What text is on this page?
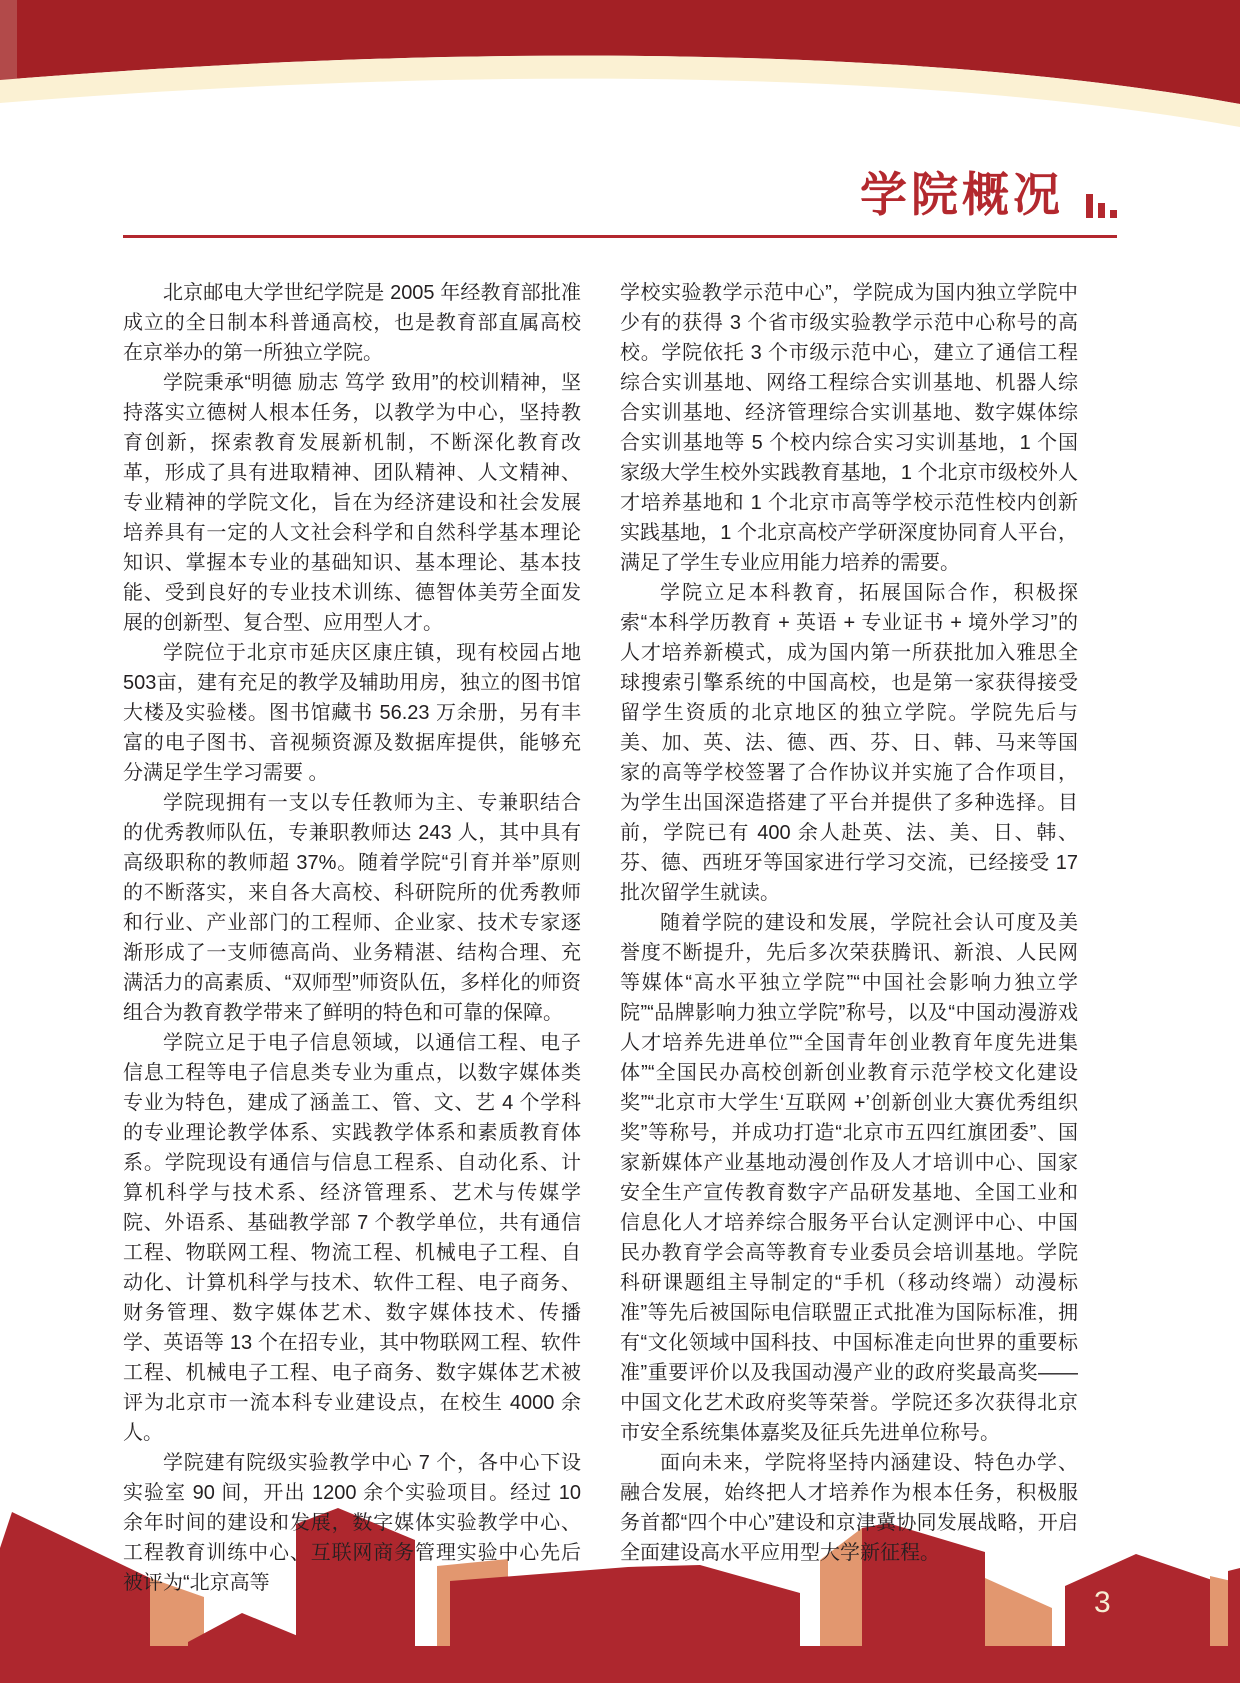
学院概况

北京邮电大学世纪学院是 2005 年经教育部批准成立的全日制本科普通高校，也是教育部直属高校在京举办的第一所独立学院。

学院秉承“明德 励志 笃学 致用”的校训精神，坚持落实立德树人根本任务，以教学为中心，坚持教育创新，探索教育发展新机制，不断深化教育改革，形成了具有进取精神、团队精神、人文精神、专业精神的学院文化，旨在为经济建设和社会发展培养具有一定的人文社会科学和自然科学基本理论知识、掌握本专业的基础知识、基本理论、基本技能、受到良好的专业技术训练、德智体美劳全面发展的创新型、复合型、应用型人才。

学院位于北京市延庆区康庄镇，现有校园占地503亩，建有充足的教学及辅助用房，独立的图书馆大楼及实验楼。图书馆藏书 56.23 万余册，另有丰富的电子图书、音视频资源及数据库提供，能够充分满足学生学习需要 。

学院现拥有一支以专任教师为主、专兼职结合的优秀教师队伍，专兼职教师达 243 人，其中具有高级职称的教师超 37%。随着学院“引育并举”原则的不断落实，来自各大高校、科研院所的优秀教师和行业、产业部门的工程师、企业家、技术专家逐渐形成了一支师德高尚、业务精湛、结构合理、充满活力的高素质、“双师型”师资队伍，多样化的师资组合为教育教学带来了鲜明的特色和可靠的保障。

学院立足于电子信息领域，以通信工程、电子信息工程等电子信息类专业为重点，以数字媒体类专业为特色，建成了涵盖工、管、文、艺 4 个学科的专业理论教学体系、实践教学体系和素质教育体系。学院现设有通信与信息工程系、自动化系、计算机科学与技术系、经济管理系、艺术与传媒学院、外语系、基础教学部 7 个教学单位，共有通信工程、物联网工程、物流工程、机械电子工程、自动化、计算机科学与技术、软件工程、电子商务、财务管理、数字媒体艺术、数字媒体技术、传播学、英语等 13 个在招专业，其中物联网工程、软件工程、机械电子工程、电子商务、数字媒体艺术被评为北京市一流本科专业建设点，在校生 4000 余人。

学院建有院级实验教学中心 7 个，各中心下设实验室 90 间，开出 1200 余个实验项目。经过 10 余年时间的建设和发展，数字媒体实验教学中心、工程教育训练中心、互联网商务管理实验中心先后被评为“北京高等

学校实验教学示范中心”，学院成为国内独立学院中少有的获得 3 个省市级实验教学示范中心称号的高校。学院依托 3 个市级示范中心，建立了通信工程综合实训基地、网络工程综合实训基地、机器人综合实训基地、经济管理综合实训基地、数字媒体综合实训基地等 5 个校内综合实习实训基地，1 个国家级大学生校外实践教育基地，1 个北京市级校外人才培养基地和 1 个北京市高等学校示范性校内创新实践基地，1 个北京高校产学研深度协同育人平台，满足了学生专业应用能力培养的需要。

学院立足本科教育，拓展国际合作，积极探索“本科学历教育 + 英语 + 专业证书 + 境外学习”的人才培养新模式，成为国内第一所获批加入雅思全球搜索引擎系统的中国高校，也是第一家获得接受留学生资质的北京地区的独立学院。学院先后与美、加、英、法、德、西、芬、日、韩、马来等国家的高等学校签署了合作协议并实施了合作项目，为学生出国深造搭建了平台并提供了多种选择。目前，学院已有 400 余人赴英、法、美、日、韩、芬、德、西班牙等国家进行学习交流，已经接受 17 批次留学生就读。

随着学院的建设和发展，学院社会认可度及美誉度不断提升，先后多次荣获腾讯、新浪、人民网等媒体“高水平独立学院”“中国社会影响力独立学院”“品牌影响力独立学院”称号，以及“中国动漫游戏人才培养先进单位”“全国青年创业教育年度先进集体”“全国民办高校创新创业教育示范学校文化建设奖”“北京市大学生‘互联网 +’创新创业大赛优秀组织奖”等称号，并成功打造“北京市五四红旗团委”、国家新媒体产业基地动漫创作及人才培训中心、国家安全生产宣传教育数字产品研发基地、全国工业和信息化人才培养综合服务平台认定测评中心、中国民办教育学会高等教育专业委员会培训基地。学院科研课题组主导制定的“手机（移动终端）动漫标准”等先后被国际电信联盟正式批准为国际标准，拥有“文化领域中国科技、中国标准走向世界的重要标准”重要评价以及我国动漫产业的政府奖最高奖——中国文化艺术政府奖等荣誉。学院还多次获得北京市安全系统集体嘉奖及征兵先进单位称号。

面向未来，学院将坚持内涵建设、特色办学、融合发展，始终把人才培养作为根本任务，积极服务首都“四个中心”建设和京津冀协同发展战略，开启全面建设高水平应用型大学新征程。

3
